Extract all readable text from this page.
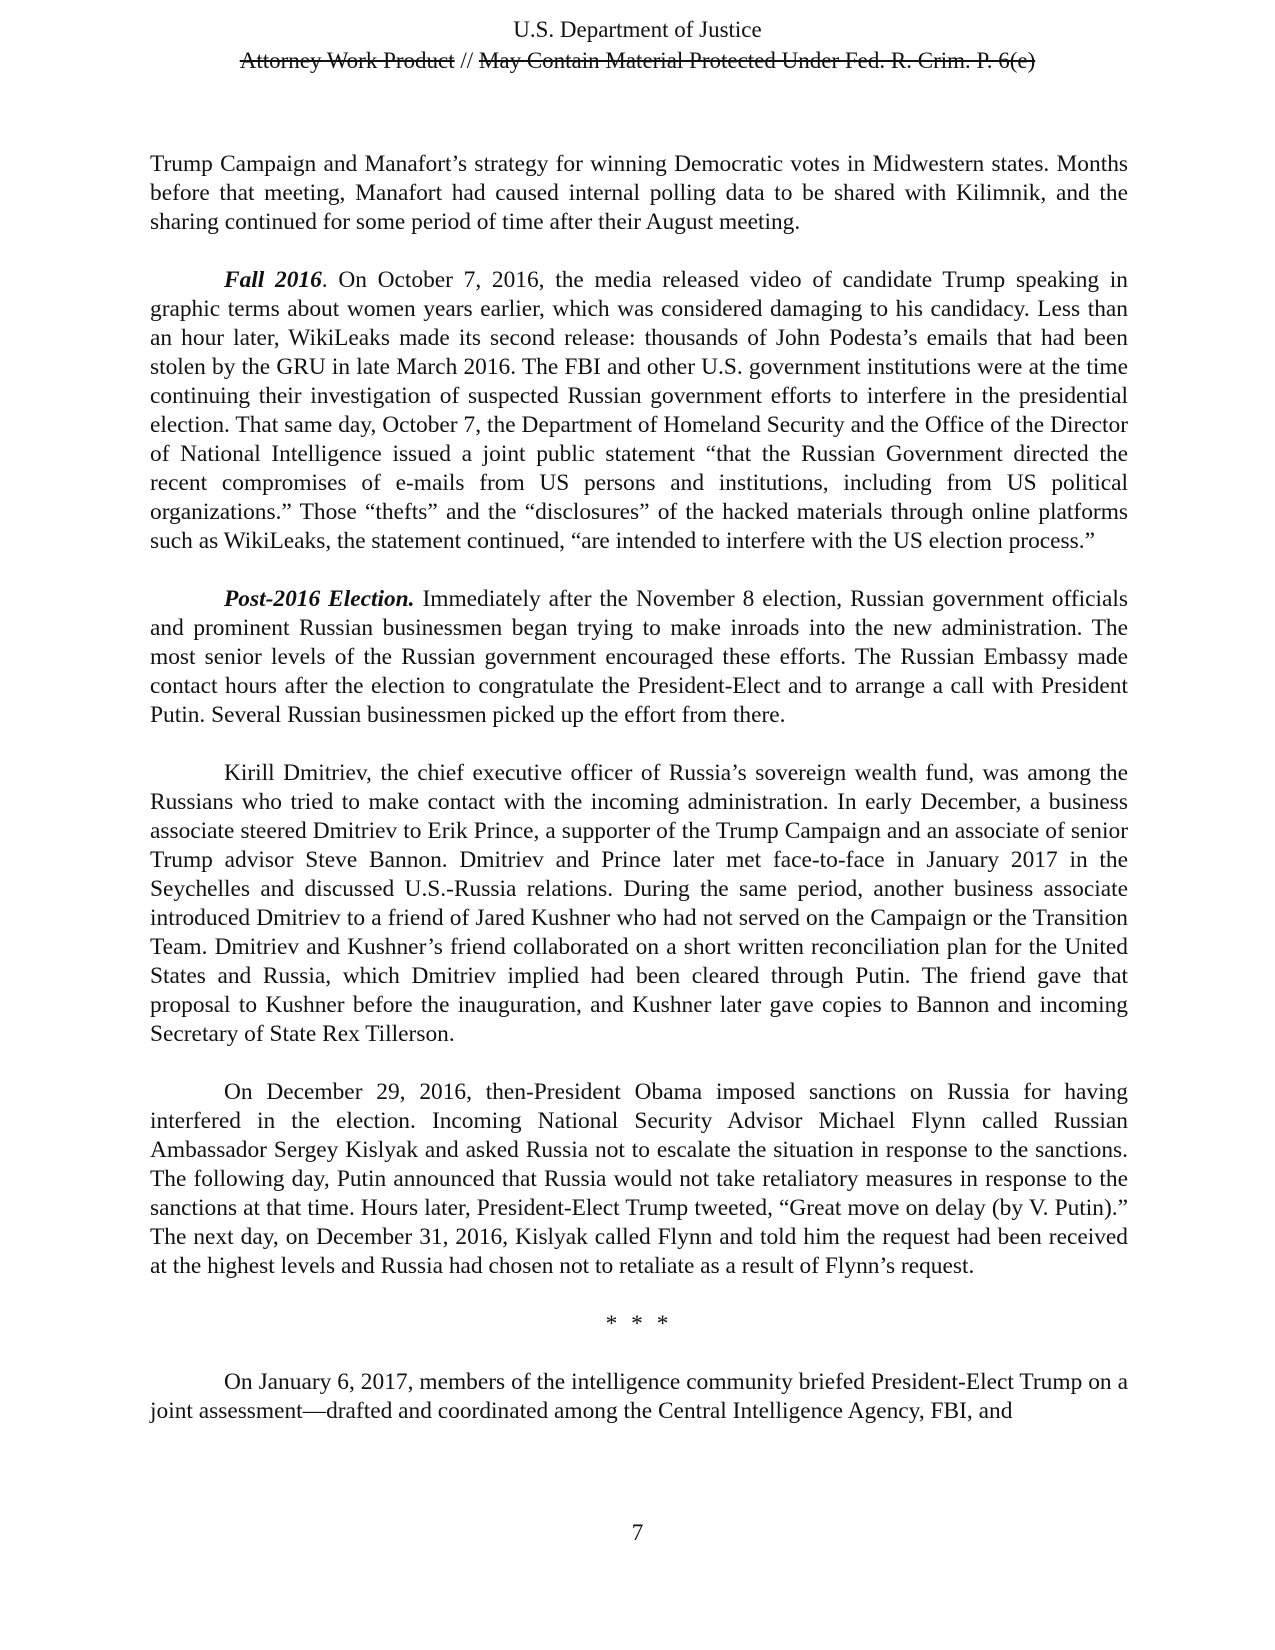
U.S. Department of Justice
Attorney Work Product // May Contain Material Protected Under Fed. R. Crim. P. 6(e)

Trump Campaign and Manafort’s strategy for winning Democratic votes in Midwestern states. Months before that meeting, Manafort had caused internal polling data to be shared with Kilimnik, and the sharing continued for some period of time after their August meeting.

Fall 2016. On October 7, 2016, the media released video of candidate Trump speaking in graphic terms about women years earlier, which was considered damaging to his candidacy. Less than an hour later, WikiLeaks made its second release: thousands of John Podesta’s emails that had been stolen by the GRU in late March 2016. The FBI and other U.S. government institutions were at the time continuing their investigation of suspected Russian government efforts to interfere in the presidential election. That same day, October 7, the Department of Homeland Security and the Office of the Director of National Intelligence issued a joint public statement “that the Russian Government directed the recent compromises of e-mails from US persons and institutions, including from US political organizations.” Those “thefts” and the “disclosures” of the hacked materials through online platforms such as WikiLeaks, the statement continued, “are intended to interfere with the US election process.”

Post-2016 Election. Immediately after the November 8 election, Russian government officials and prominent Russian businessmen began trying to make inroads into the new administration. The most senior levels of the Russian government encouraged these efforts. The Russian Embassy made contact hours after the election to congratulate the President-Elect and to arrange a call with President Putin. Several Russian businessmen picked up the effort from there.

Kirill Dmitriev, the chief executive officer of Russia’s sovereign wealth fund, was among the Russians who tried to make contact with the incoming administration. In early December, a business associate steered Dmitriev to Erik Prince, a supporter of the Trump Campaign and an associate of senior Trump advisor Steve Bannon. Dmitriev and Prince later met face-to-face in January 2017 in the Seychelles and discussed U.S.-Russia relations. During the same period, another business associate introduced Dmitriev to a friend of Jared Kushner who had not served on the Campaign or the Transition Team. Dmitriev and Kushner’s friend collaborated on a short written reconciliation plan for the United States and Russia, which Dmitriev implied had been cleared through Putin. The friend gave that proposal to Kushner before the inauguration, and Kushner later gave copies to Bannon and incoming Secretary of State Rex Tillerson.

On December 29, 2016, then-President Obama imposed sanctions on Russia for having interfered in the election. Incoming National Security Advisor Michael Flynn called Russian Ambassador Sergey Kislyak and asked Russia not to escalate the situation in response to the sanctions. The following day, Putin announced that Russia would not take retaliatory measures in response to the sanctions at that time. Hours later, President-Elect Trump tweeted, “Great move on delay (by V. Putin).” The next day, on December 31, 2016, Kislyak called Flynn and told him the request had been received at the highest levels and Russia had chosen not to retaliate as a result of Flynn’s request.

* * *

On January 6, 2017, members of the intelligence community briefed President-Elect Trump on a joint assessment—drafted and coordinated among the Central Intelligence Agency, FBI, and

7
